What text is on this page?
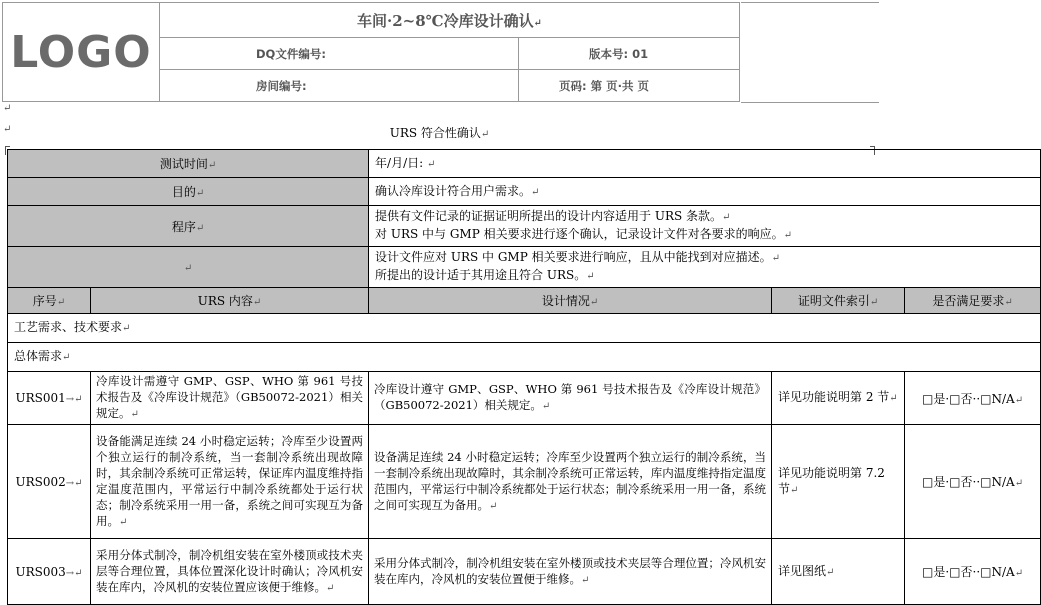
LOGO	车间·2~8℃冷库设计确认↵	
	DQ文件编号:	版本号: 01
	房间编号:	页码: 第 页·共 页
↵
↵	URS 符合性确认↵
测试时间↵		年/月/日: ↵		
目的↵		确认冷库设计符合用户需求。↵		
程序↵		提供有文件记录的证据证明所提出的设计内容适用于 URS 条款。↵
对 URS 中与 GMP 相关要求进行逐个确认，记录设计文件对各要求的响应。↵		

↵		设计文件应对 URS 中 GMP 相关要求进行响应，且从中能找到对应描述。↵
所提出的设计适于其用途且符合 URS。↵		

序号↵	URS 内容↵	设计情况↵	证明文件索引↵	是否满足要求↵
工艺需求、技术要求↵				
总体需求↵				
URS001→↵	冷库设计需遵守 GMP、GSP、WHO 第 961 号技术报告及《冷库设计规范》（GB50072-2021）相关规定。↵	冷库设计遵守 GMP、GSP、WHO 第 961 号技术报告及《冷库设计规范》（GB50072-2021）相关规定。↵	详见功能说明第 2 节↵	□是·□否··□N/A↵
URS002→↵	设备能满足连续 24 小时稳定运转；冷库至少设置两个独立运行的制冷系统，当一套制冷系统出现故障时，其余制冷系统可正常运转，保证库内温度维持指定温度范围内，平常运行中制冷系统都处于运行状态；制冷系统采用一用一备，系统之间可实现互为备用。↵	设备满足连续 24 小时稳定运转；冷库至少设置两个独立运行的制冷系统，当一套制冷系统出现故障时，其余制冷系统可正常运转，库内温度维持指定温度范围内，平常运行中制冷系统都处于运行状态；制冷系统采用一用一备，系统之间可实现互为备用。↵	详见功能说明第 7.2 节↵	□是·□否··□N/A↵
URS003→↵	采用分体式制冷，制冷机组安装在室外楼顶或技术夹层等合理位置，具体位置深化设计时确认；冷风机安装在库内，冷风机的安装位置应该便于维修。↵	采用分体式制冷，制冷机组安装在室外楼顶或技术夹层等合理位置；冷风机安装在库内，冷风机的安装位置便于维修。↵	详见图纸↵	□是·□否··□N/A↵
